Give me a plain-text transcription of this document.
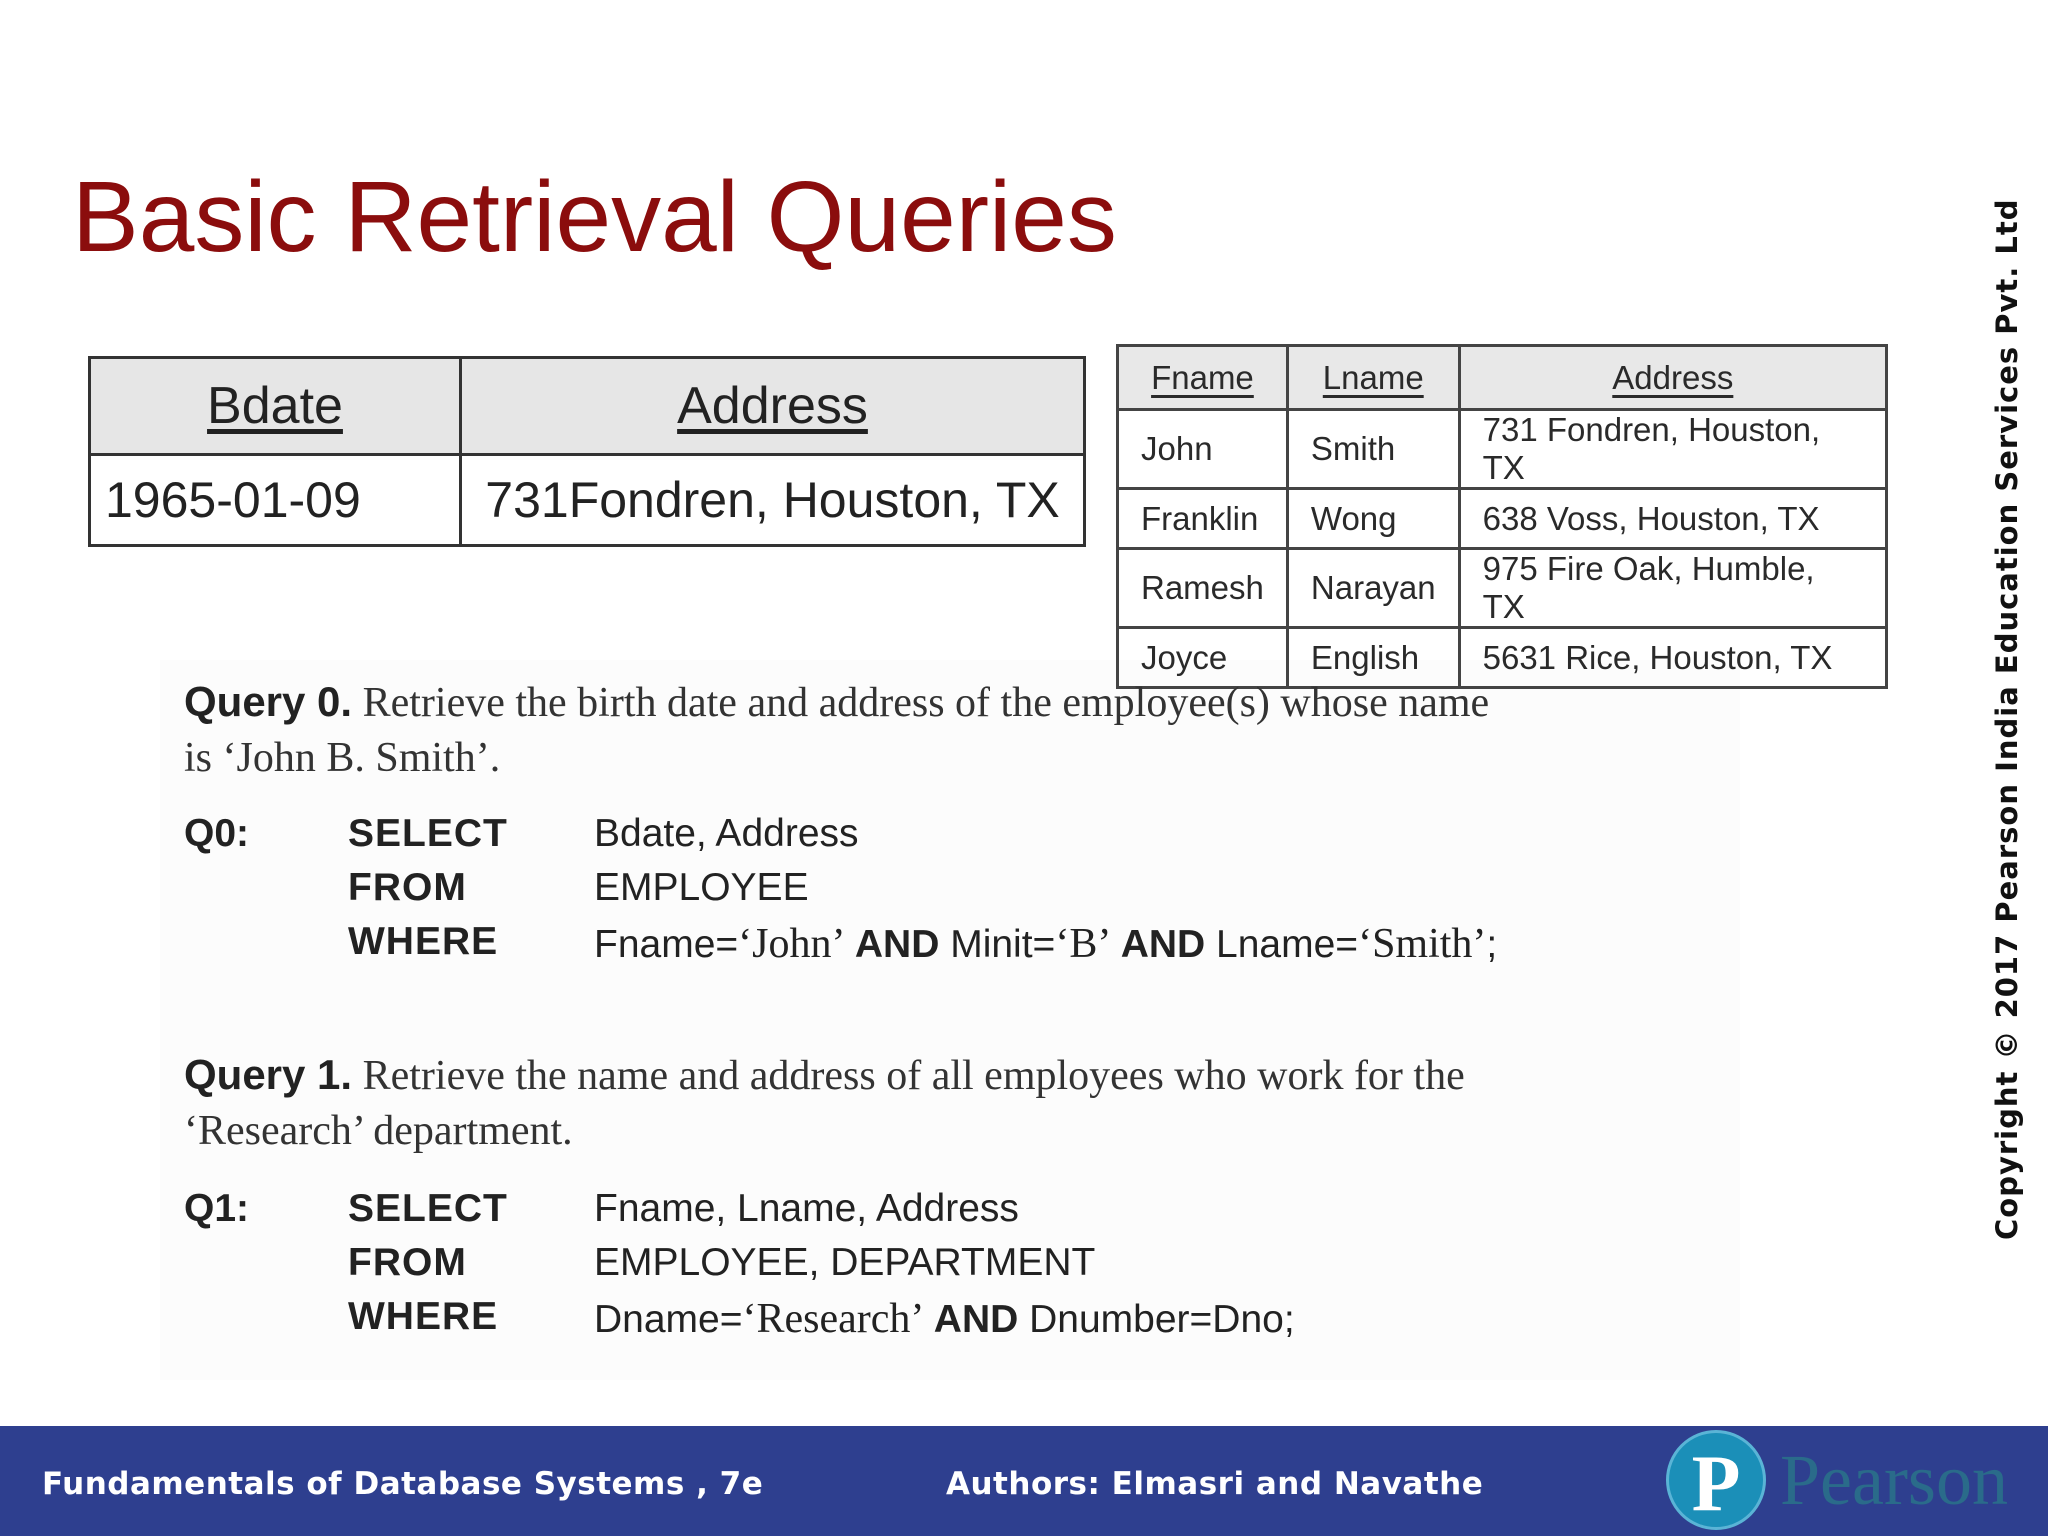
Basic Retrieval Queries	Copyright © 2017 Pearson India Education Services Pvt. Ltd
Bdate	Address
1965-01-09	731Fondren, Houston, TX
Fname	Lname	Address
John	Smith	731 Fondren, Houston, TX
Franklin	Wong	638 Voss, Houston, TX
Ramesh	Narayan	975 Fire Oak, Humble, TX
Joyce	English	5631 Rice, Houston, TX
Query 0. Retrieve the birth date and address of the employee(s) whose name
is ‘John B. Smith’.
Q0:	SELECT Bdate, Address
FROM	EMPLOYEE
WHERE Fname=‘John’ AND Minit=‘B’ AND Lname=‘Smith’;
Query 1. Retrieve the name and address of all employees who work for the
‘Research’ department.
Q1:	SELECT Fname, Lname, Address
FROM	EMPLOYEE, DEPARTMENT
WHERE Dname=‘Research’ AND Dnumber=Dno;
Fundamentals of Database Systems , 7e	Authors: Elmasri and Navathe	P Pearson
